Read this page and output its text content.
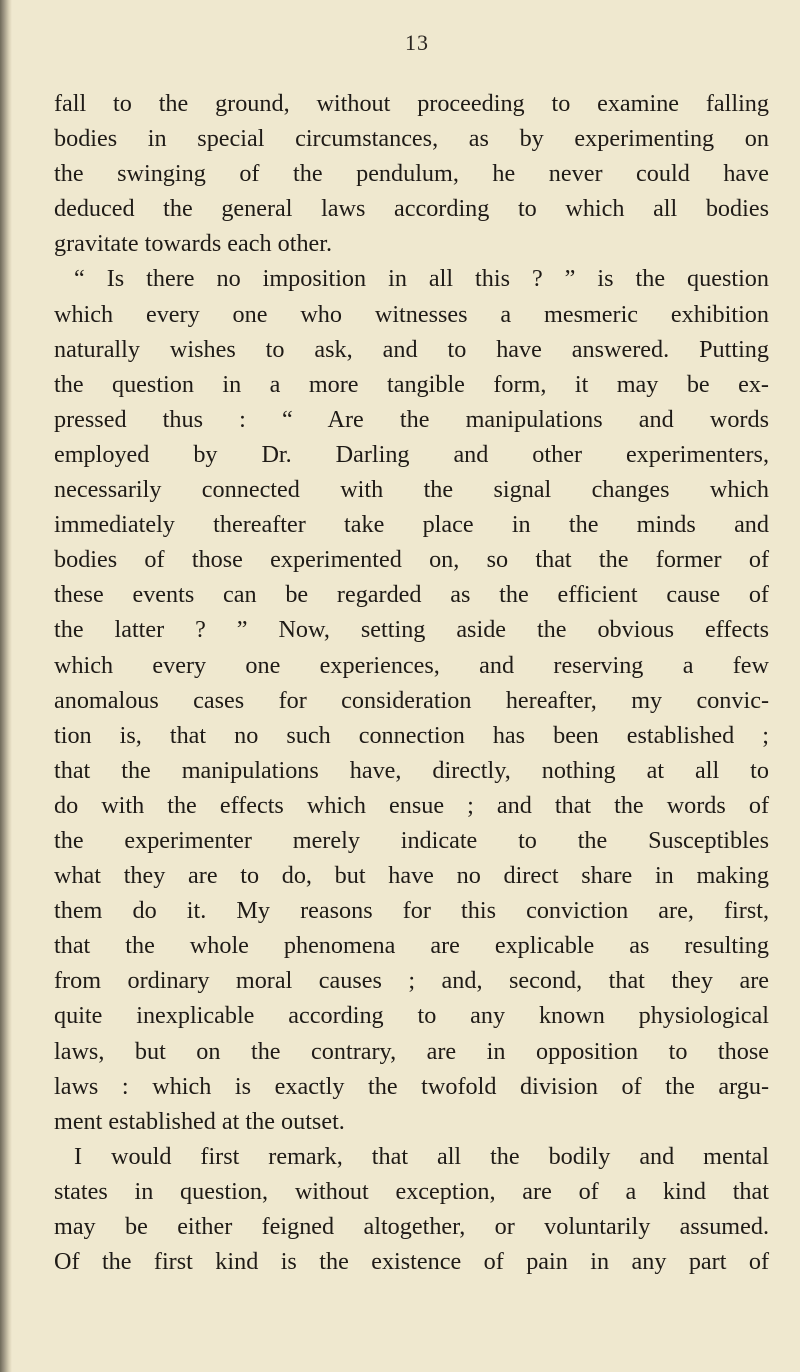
13
fall to the ground, without proceeding to examine falling
bodies in special circumstances, as by experimenting on
the swinging of the pendulum, he never could have
deduced the general laws according to which all bodies
gravitate towards each other.
“ Is there no imposition in all this ? ” is the question
which every one who witnesses a mesmeric exhibition
naturally wishes to ask, and to have answered. Putting
the question in a more tangible form, it may be ex-
pressed thus : “ Are the manipulations and words
employed by Dr. Darling and other experimenters,
necessarily connected with the signal changes which
immediately thereafter take place in the minds and
bodies of those experimented on, so that the former of
these events can be regarded as the efficient cause of
the latter ? ” Now, setting aside the obvious effects
which every one experiences, and reserving a few
anomalous cases for consideration hereafter, my convic-
tion is, that no such connection has been established ;
that the manipulations have, directly, nothing at all to
do with the effects which ensue ; and that the words of
the experimenter merely indicate to the Susceptibles
what they are to do, but have no direct share in making
them do it. My reasons for this conviction are, first,
that the whole phenomena are explicable as resulting
from ordinary moral causes ; and, second, that they are
quite inexplicable according to any known physiological
laws, but on the contrary, are in opposition to those
laws : which is exactly the twofold division of the argu-
ment established at the outset.
I would first remark, that all the bodily and mental
states in question, without exception, are of a kind that
may be either feigned altogether, or voluntarily assumed.
Of the first kind is the existence of pain in any part of
